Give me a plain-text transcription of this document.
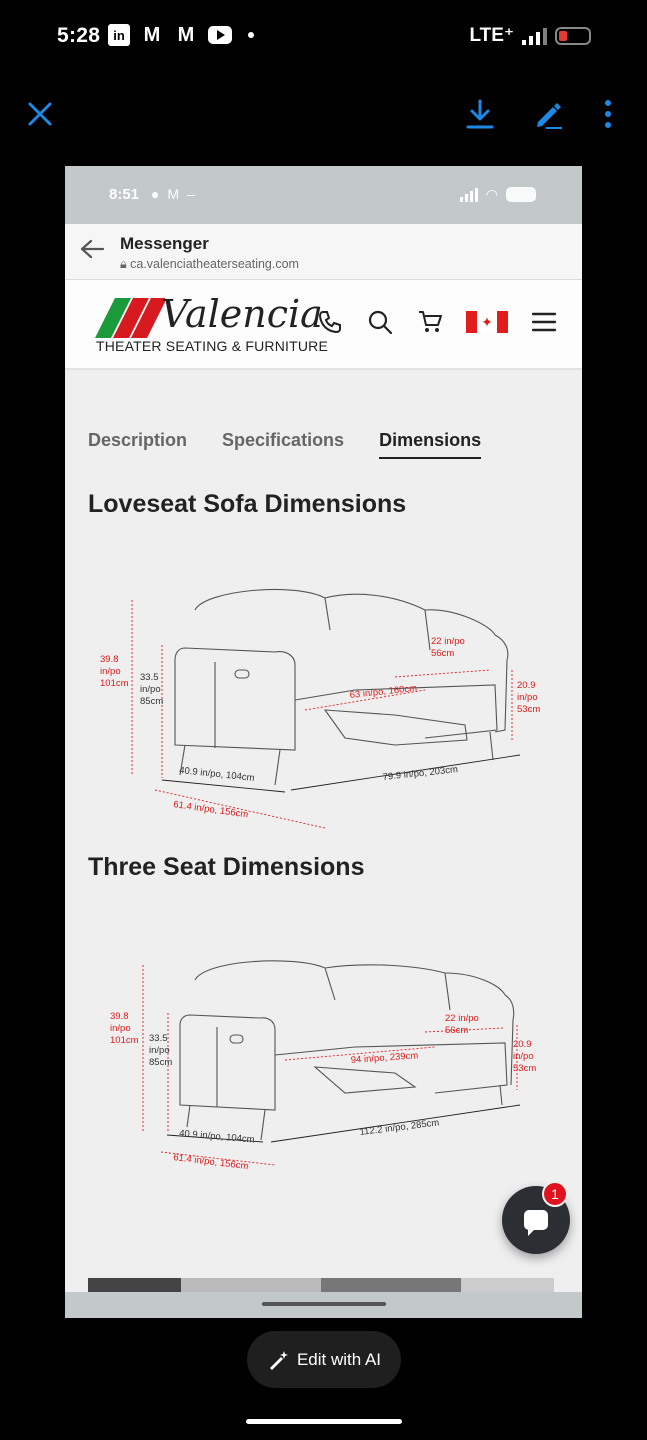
5:28 in M M	LTE⁺
8:51 ● M –	◠
Messenger
🔒︎ ca.valenciatheaterseating.com
Valencia
THEATER SEATING & FURNITURE
✦
Description Specifications Dimensions
Loveseat Sofa Dimensions
39.8
in/po
101cm
22 in/po
56cm
20.9
in/po
53cm
63 in/po, 160cm
61.4 in/po, 156cm
33.5
in/po
85cm
40.9 in/po, 104cm	79.9 in/po, 203cm
Three Seat Dimensions
39.8
in/po
101cm
22 in/po
56cm
20.9
in/po
53cm
94 in/po, 239cm
61.4 in/po, 156cm
33.5
in/po
85cm
40.9 in/po, 104cm	112.2 in/po, 285cm
1
Edit with AI
